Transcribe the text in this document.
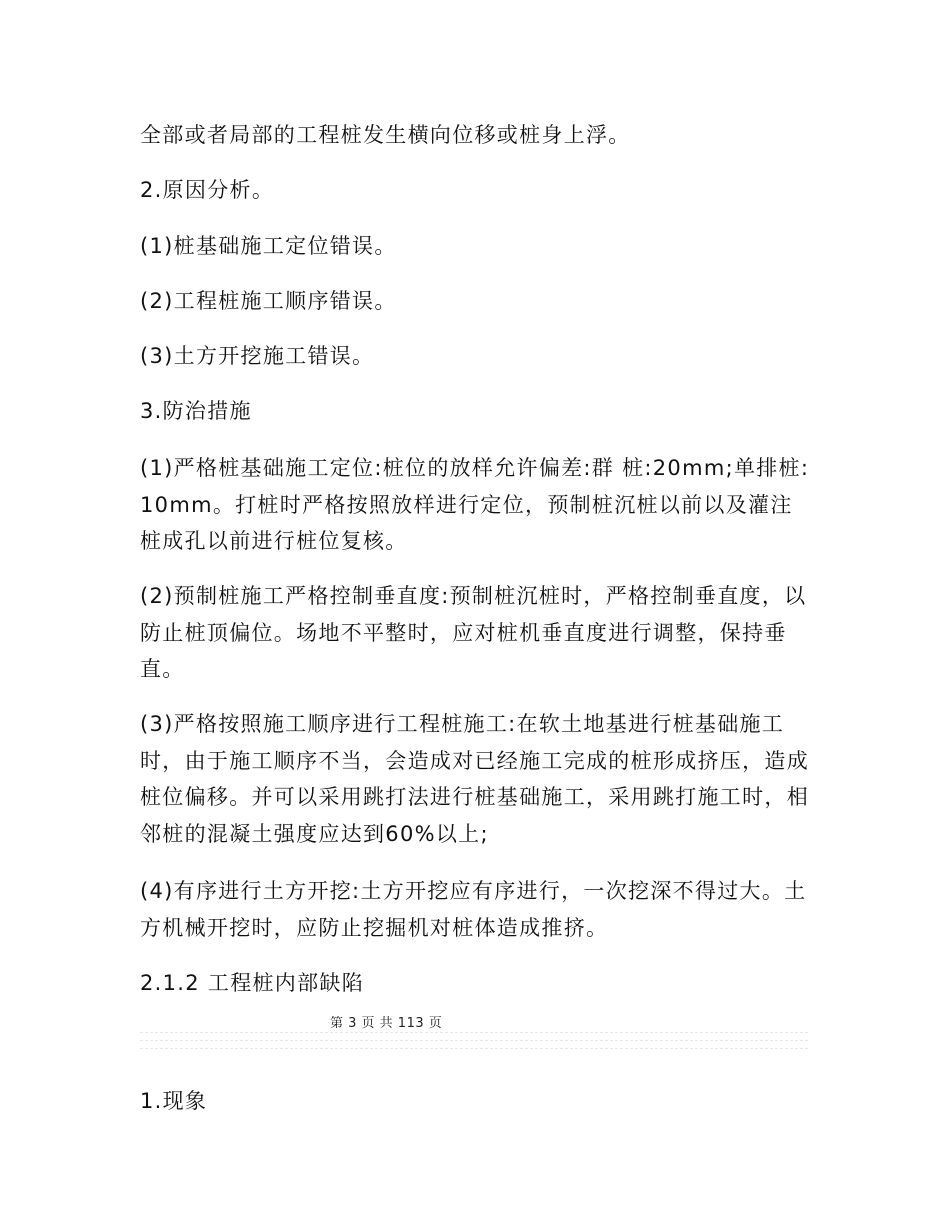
全部或者局部的工程桩发生横向位移或桩身上浮。

2.原因分析。

(1)桩基础施工定位错误。

(2)工程桩施工顺序错误。

(3)土方开挖施工错误。

3.防治措施

(1)严格桩基础施工定位:桩位的放样允许偏差:群 桩:20mm;单排桩:10mm。打桩时严格按照放样进行定位，预制桩沉桩以前以及灌注桩成孔以前进行桩位复核。

(2)预制桩施工严格控制垂直度:预制桩沉桩时，严格控制垂直度，以防止桩顶偏位。场地不平整时，应对桩机垂直度进行调整，保持垂直。

(3)严格按照施工顺序进行工程桩施工:在软土地基进行桩基础施工时，由于施工顺序不当，会造成对已经施工完成的桩形成挤压，造成桩位偏移。并可以采用跳打法进行桩基础施工，采用跳打施工时，相邻桩的混凝土强度应达到60%以上;

(4)有序进行土方开挖:土方开挖应有序进行，一次挖深不得过大。土方机械开挖时，应防止挖掘机对桩体造成推挤。

2.1.2 工程桩内部缺陷

第 3 页 共 113 页

1.现象
